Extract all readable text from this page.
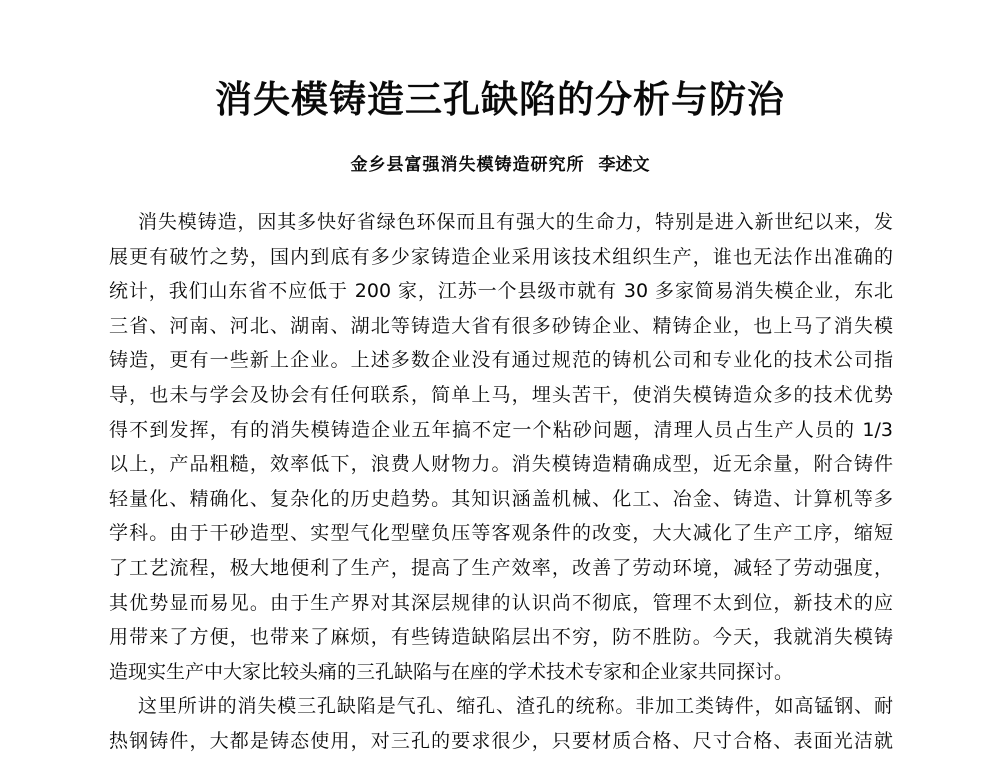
消失模铸造三孔缺陷的分析与防治
金乡县富强消失模铸造研究所 李述文
消失模铸造，因其多快好省绿色环保而且有强大的生命力，特别是进入新世纪以来，发
展更有破竹之势，国内到底有多少家铸造企业采用该技术组织生产，谁也无法作出准确的
统计，我们山东省不应低于 200 家，江苏一个县级市就有 30 多家简易消失模企业，东北
三省、河南、河北、湖南、湖北等铸造大省有很多砂铸企业、精铸企业，也上马了消失模
铸造，更有一些新上企业。上述多数企业没有通过规范的铸机公司和专业化的技术公司指
导，也未与学会及协会有任何联系，简单上马，埋头苦干，使消失模铸造众多的技术优势
得不到发挥，有的消失模铸造企业五年搞不定一个粘砂问题，清理人员占生产人员的 1/3
以上，产品粗糙，效率低下，浪费人财物力。消失模铸造精确成型，近无余量，附合铸件
轻量化、精确化、复杂化的历史趋势。其知识涵盖机械、化工、冶金、铸造、计算机等多
学科。由于干砂造型、实型气化型壁负压等客观条件的改变，大大减化了生产工序，缩短
了工艺流程，极大地便利了生产，提高了生产效率，改善了劳动环境，减轻了劳动强度，
其优势显而易见。由于生产界对其深层规律的认识尚不彻底，管理不太到位，新技术的应
用带来了方便，也带来了麻烦，有些铸造缺陷层出不穷，防不胜防。今天，我就消失模铸
造现实生产中大家比较头痛的三孔缺陷与在座的学术技术专家和企业家共同探讨。
这里所讲的消失模三孔缺陷是气孔、缩孔、渣孔的统称。非加工类铸件，如高锰钢、耐
热钢铸件，大都是铸态使用，对三孔的要求很少，只要材质合格、尺寸合格、表面光洁就
